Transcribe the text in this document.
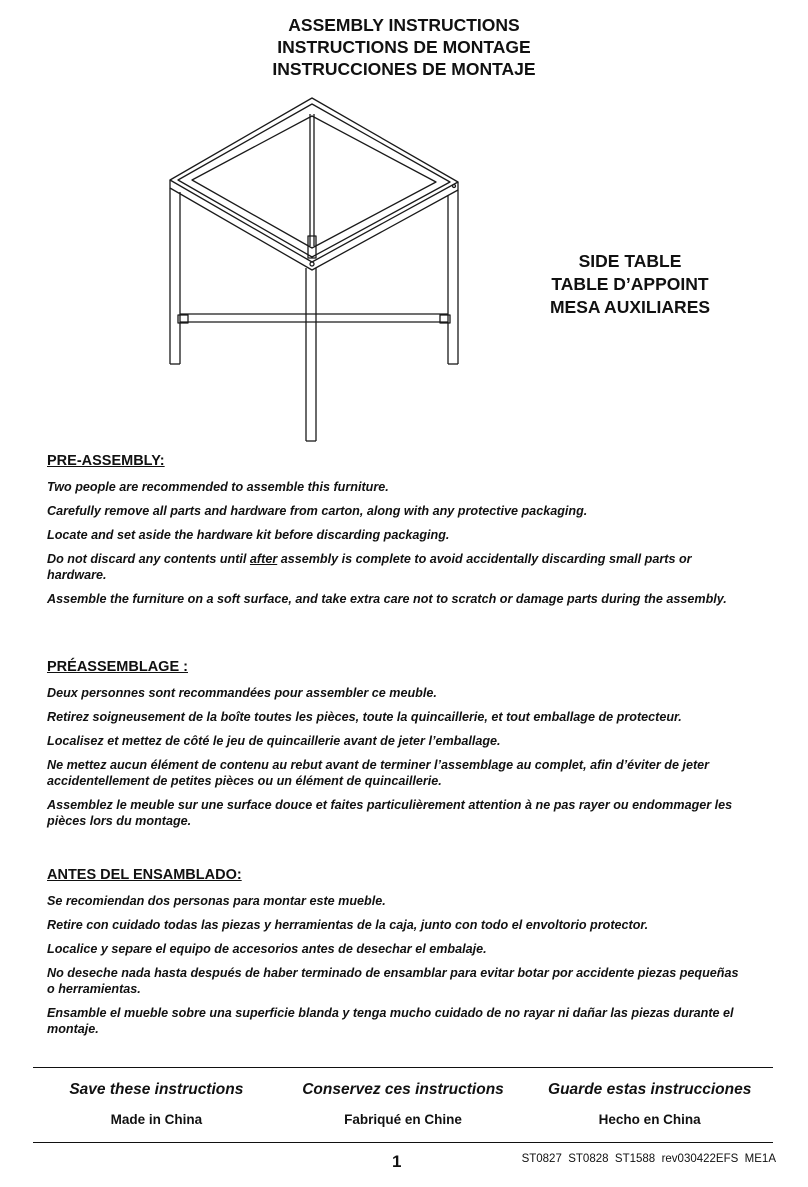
ASSEMBLY INSTRUCTIONS
INSTRUCTIONS DE MONTAGE
INSTRUCCIONES DE MONTAJE
SIDE TABLE
TABLE D’APPOINT
MESA AUXILIARES
PRE-ASSEMBLY:

Two people are recommended to assemble this furniture.

Carefully remove all parts and hardware from carton, along with any protective packaging.

Locate and set aside the hardware kit before discarding packaging.

Do not discard any contents until after assembly is complete to avoid accidentally discarding small parts or hardware.

Assemble the furniture on a soft surface, and take extra care not to scratch or damage parts during the assembly.

PRÉASSEMBLAGE :

Deux personnes sont recommandées pour assembler ce meuble.

Retirez soigneusement de la boîte toutes les pièces, toute la quincaillerie, et tout emballage de protecteur.

Localisez et mettez de côté le jeu de quincaillerie avant de jeter l’emballage.

Ne mettez aucun élément de contenu au rebut avant de terminer l’assemblage au complet, afin d’éviter de jeter accidentellement de petites pièces ou un élément de quincaillerie.

Assemblez le meuble sur une surface douce et faites particulièrement attention à ne pas rayer ou endommager les pièces lors du montage.

ANTES DEL ENSAMBLADO:

Se recomiendan dos personas para montar este mueble.

Retire con cuidado todas las piezas y herramientas de la caja, junto con todo el envoltorio protector.

Localice y separe el equipo de accesorios antes de desechar el embalaje.

No deseche nada hasta después de haber terminado de ensamblar para evitar botar por accidente piezas pequeñas o herramientas.

Ensamble el mueble sobre una superficie blanda y tenga mucho cuidado de no rayar ni dañar las piezas durante el montaje.

Save these instructions	Conservez ces instructions	Guarde estas instrucciones
Made in China	Fabriqué en Chine	Hecho en China
1	ST0827  ST0828  ST1588  rev030422EFS  ME1A
